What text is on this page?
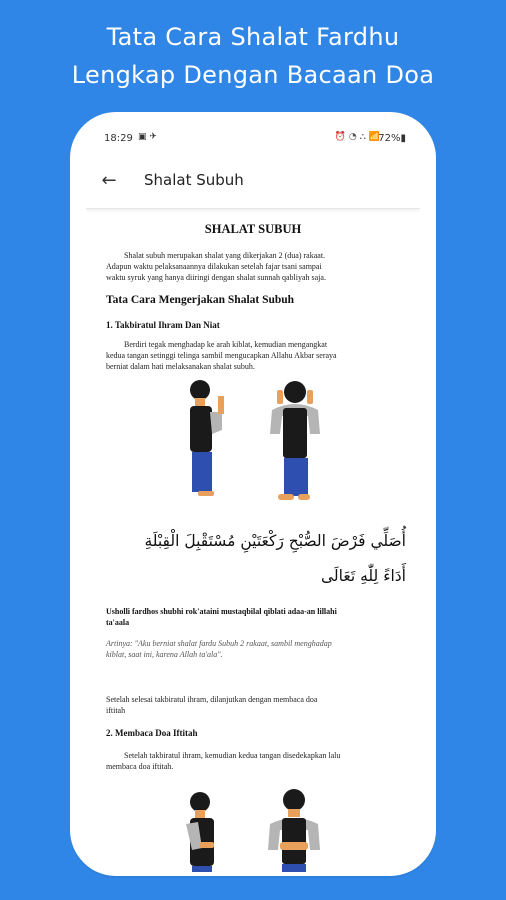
Tata Cara Shalat Fardhu
Lengkap Dengan Bacaan Doa
18:29 ▣ ✈	⏰ ◔ ⛬ 📶
72%▮
←	Shalat Subuh
SHALAT SUBUH
Shalat subuh merupakan shalat yang dikerjakan 2 (dua) rakaat.
Adapun waktu pelaksanaannya dilakukan setelah fajar tsani sampai
waktu syruk yang hanya diiringi dengan shalat sunnah qabliyah saja.
Tata Cara Mengerjakan Shalat Subuh
1. Takbiratul Ihram Dan Niat
Berdiri tegak menghadap ke arah kiblat, kemudian mengangkat
kedua tangan setinggi telinga sambil mengucapkan Allahu Akbar seraya
berniat dalam hati melaksanakan shalat subuh.
أُصَلِّي فَرْضَ الصُّبْحِ رَكْعَتَيْنِ مُسْتَقْبِلَ الْقِبْلَةِ
أَدَاءً لِلّٰهِ تَعَالَى
Usholli fardhos shubhi rok'ataini mustaqbilal qiblati adaa-an lillahi
ta'aala
Artinya: "Aku berniat shalat fardu Subuh 2 rakaat, sambil menghadap
kiblat, saat ini, karena Allah ta'ala".
Setelah selesai takbiratul ihram, dilanjutkan dengan membaca doa
iftitah
2. Membaca Doa Iftitah
Setelah takbiratul ihram, kemudian kedua tangan disedekapkan lalu
membaca doa iftitah.
